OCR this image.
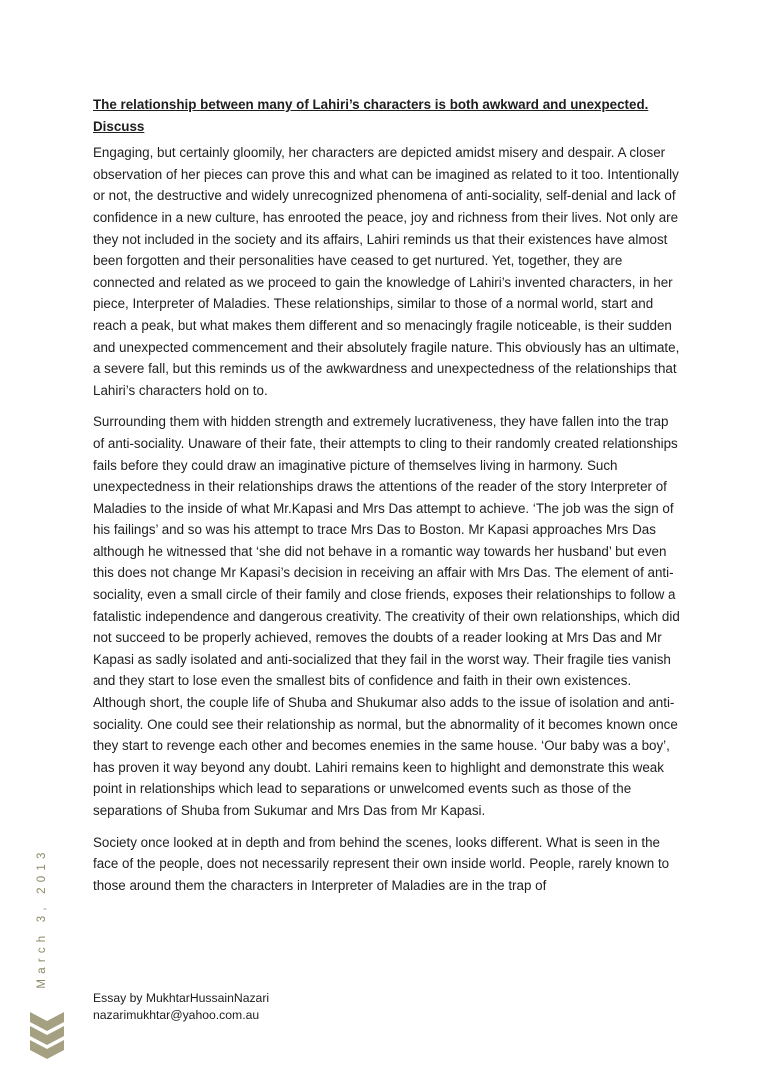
The relationship between many of Lahiri’s characters is both awkward and unexpected. Discuss

Engaging, but certainly gloomily, her characters are depicted amidst misery and despair. A closer observation of her pieces can prove this and what can be imagined as related to it too. Intentionally or not, the destructive and widely unrecognized phenomena of anti-sociality, self-denial and lack of confidence in a new culture, has enrooted the peace, joy and richness from their lives. Not only are they not included in the society and its affairs, Lahiri reminds us that their existences have almost been forgotten and their personalities have ceased to get nurtured. Yet, together, they are connected and related as we proceed to gain the knowledge of Lahiri’s invented characters, in her piece, Interpreter of Maladies. These relationships, similar to those of a normal world, start and reach a peak, but what makes them different and so menacingly fragile noticeable, is their sudden and unexpected commencement and their absolutely fragile nature. This obviously has an ultimate, a severe fall, but this reminds us of the awkwardness and unexpectedness of the relationships that Lahiri’s characters hold on to.

Surrounding them with hidden strength and extremely lucrativeness, they have fallen into the trap of anti-sociality. Unaware of their fate, their attempts to cling to their randomly created relationships fails before they could draw an imaginative picture of themselves living in harmony. Such unexpectedness in their relationships draws the attentions of the reader of the story Interpreter of Maladies to the inside of what Mr.Kapasi and Mrs Das attempt to achieve. ‘The job was the sign of his failings’ and so was his attempt to trace Mrs Das to Boston. Mr Kapasi approaches Mrs Das although he witnessed that ‘she did not behave in a romantic way towards her husband’ but even this does not change Mr Kapasi’s decision in receiving an affair with Mrs Das. The element of anti-sociality, even a small circle of their family and close friends, exposes their relationships to follow a fatalistic independence and dangerous creativity. The creativity of their own relationships, which did not succeed to be properly achieved, removes the doubts of a reader looking at Mrs Das and Mr Kapasi as sadly isolated and anti-socialized that they fail in the worst way. Their fragile ties vanish and they start to lose even the smallest bits of confidence and faith in their own existences. Although short, the couple life of Shuba and Shukumar also adds to the issue of isolation and anti-sociality. One could see their relationship as normal, but the abnormality of it becomes known once they start to revenge each other and becomes enemies in the same house. ‘Our baby was a boy’, has proven it way beyond any doubt. Lahiri remains keen to highlight and demonstrate this weak point in relationships which lead to separations or unwelcomed events such as those of the separations of Shuba from Sukumar and Mrs Das from Mr Kapasi.

Society once looked at in depth and from behind the scenes, looks different. What is seen in the face of the people, does not necessarily represent their own inside world. People, rarely known to those around them the characters in Interpreter of Maladies are in the trap of

Essay by MukhtarHussainNazari
nazarimukhtar@yahoo.com.au
March 3, 2013
